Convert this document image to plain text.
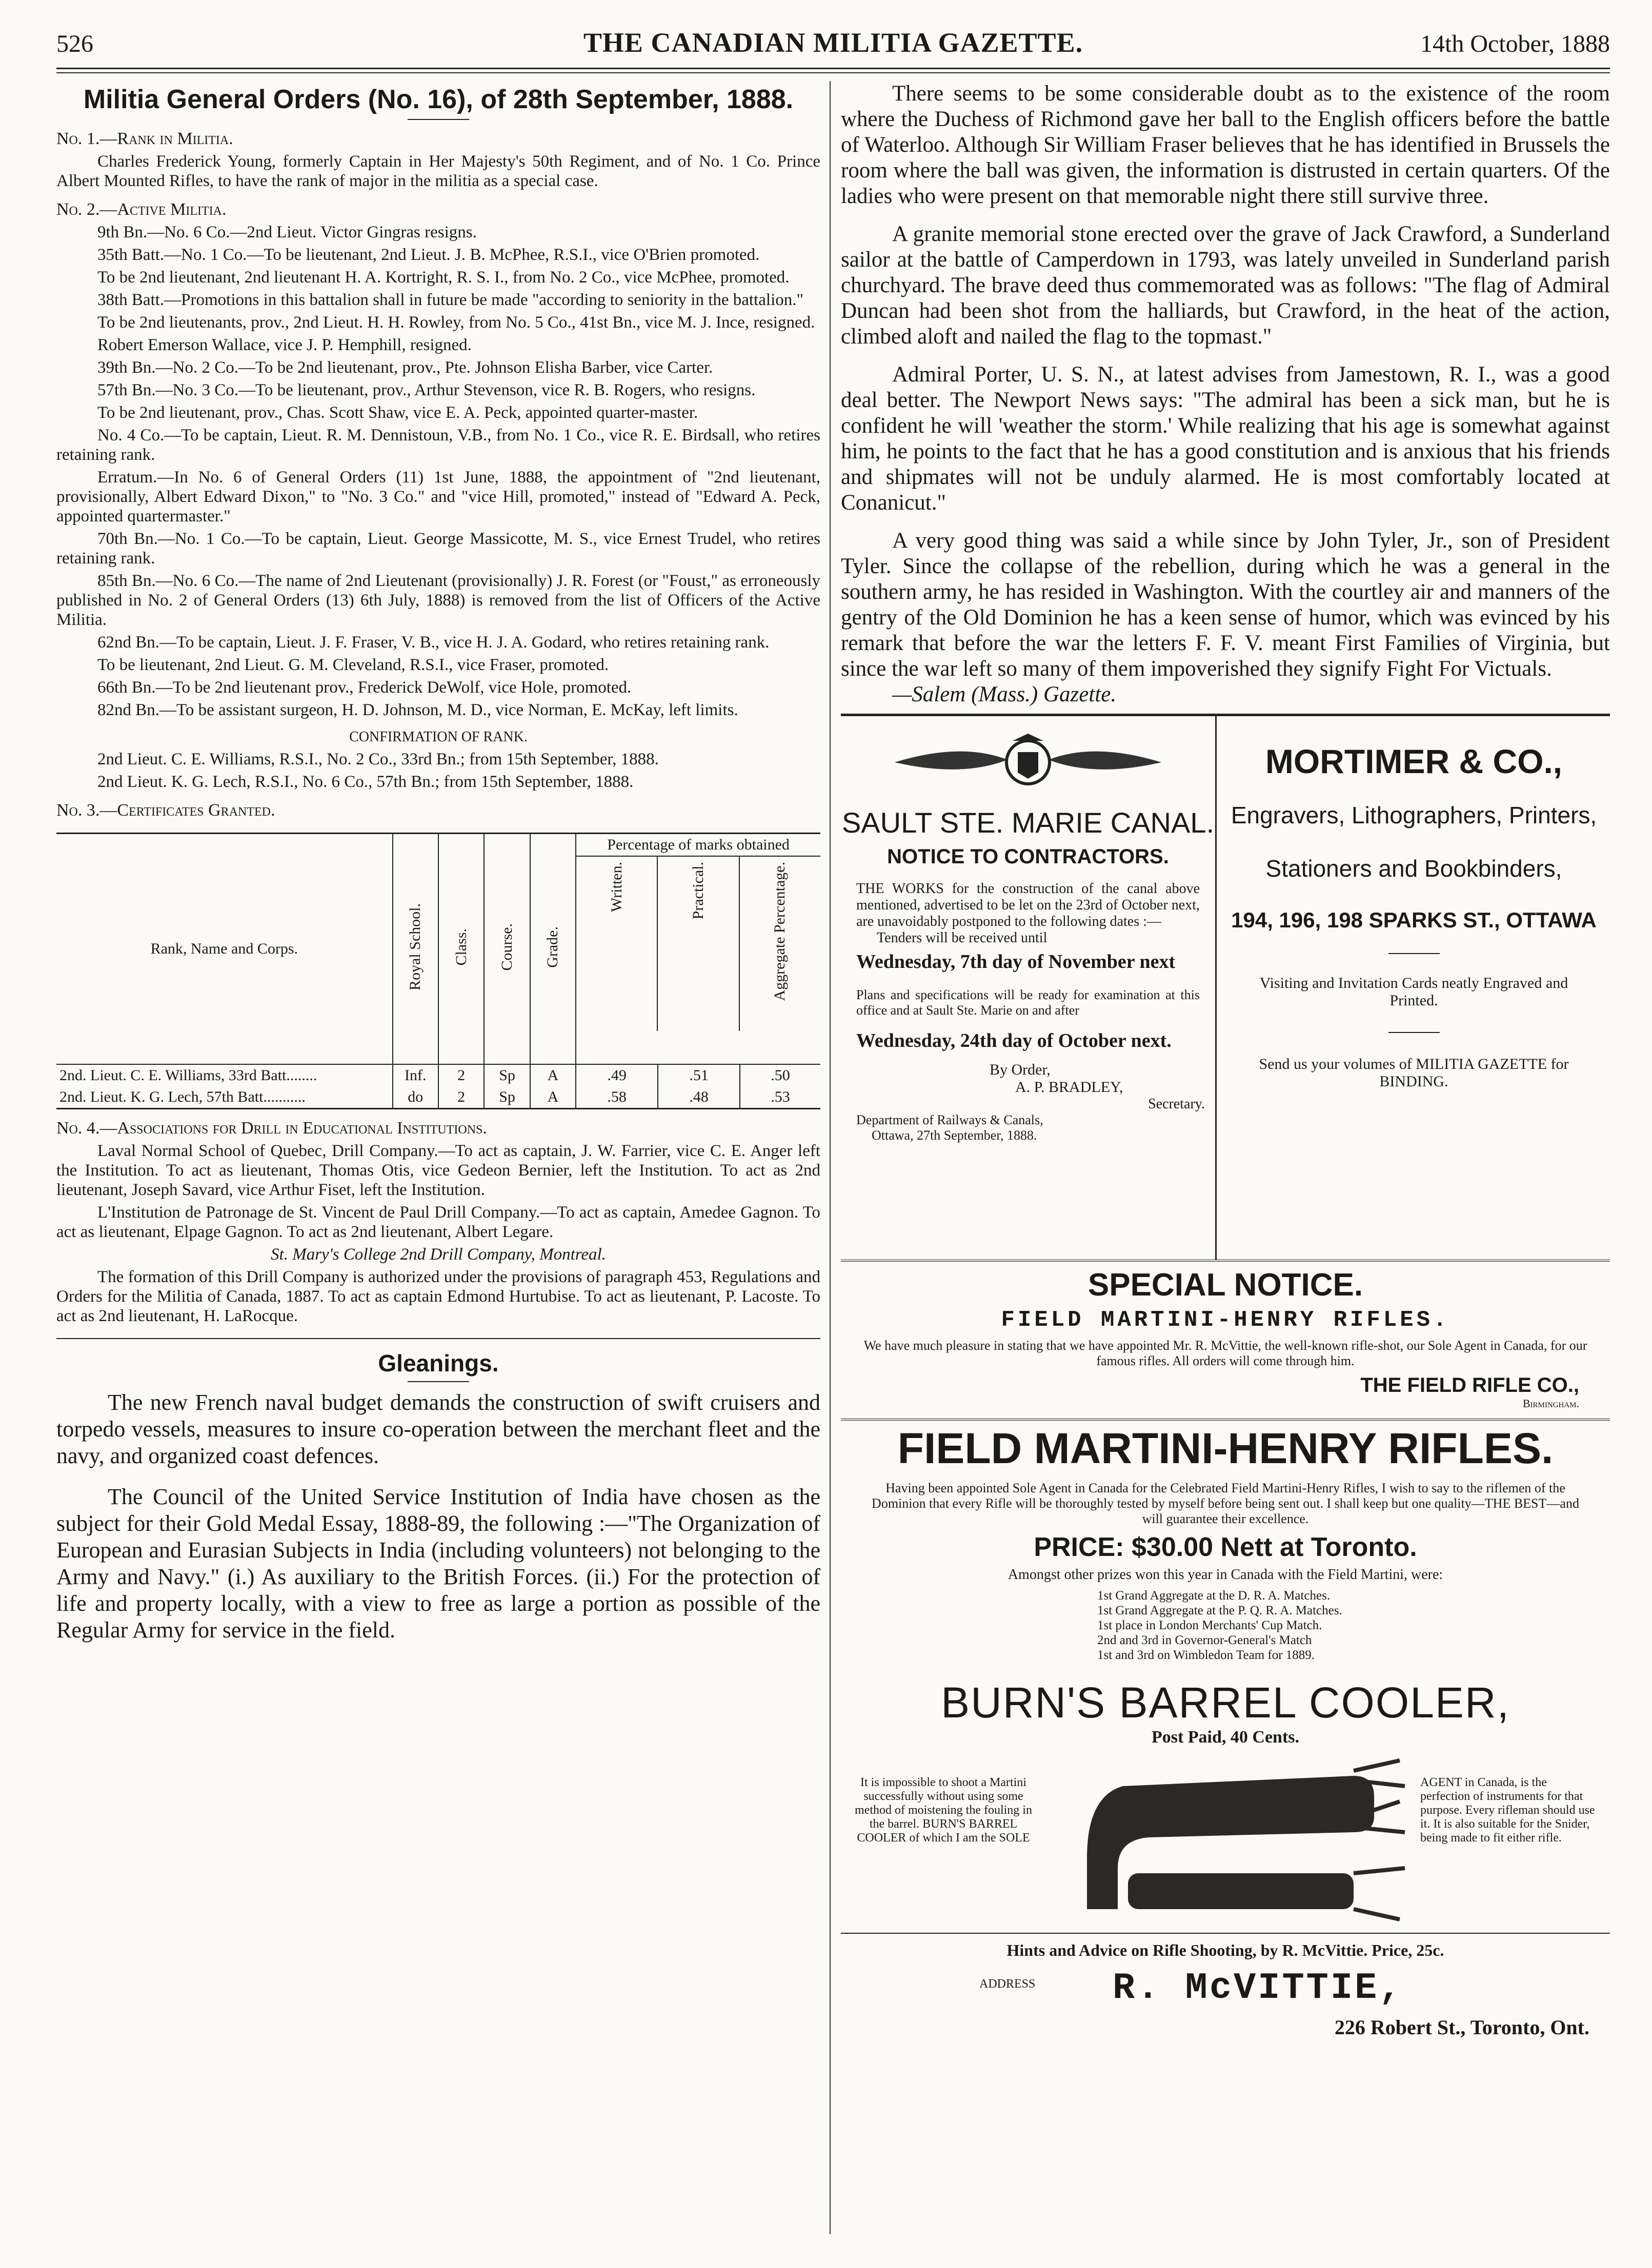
526	THE CANADIAN MILITIA GAZETTE.	14th October, 1888
Militia General Orders (No. 16), of 28th September, 1888.
No. 1.—Rank in Militia.

Charles Frederick Young, formerly Captain in Her Majesty's 50th Regiment, and of No. 1 Co. Prince Albert Mounted Rifles, to have the rank of major in the militia as a special case.

No. 2.—Active Militia.

9th Bn.—No. 6 Co.—2nd Lieut. Victor Gingras resigns.

35th Batt.—No. 1 Co.—To be lieutenant, 2nd Lieut. J. B. McPhee, R.S.I., vice O'Brien promoted.

To be 2nd lieutenant, 2nd lieutenant H. A. Kortright, R. S. I., from No. 2 Co., vice McPhee, promoted.

38th Batt.—Promotions in this battalion shall in future be made "according to seniority in the battalion."

To be 2nd lieutenants, prov., 2nd Lieut. H. H. Rowley, from No. 5 Co., 41st Bn., vice M. J. Ince, resigned.

Robert Emerson Wallace, vice J. P. Hemphill, resigned.

39th Bn.—No. 2 Co.—To be 2nd lieutenant, prov., Pte. Johnson Elisha Barber, vice Carter.

57th Bn.—No. 3 Co.—To be lieutenant, prov., Arthur Stevenson, vice R. B. Rogers, who resigns.

To be 2nd lieutenant, prov., Chas. Scott Shaw, vice E. A. Peck, appointed quarter-master.

No. 4 Co.—To be captain, Lieut. R. M. Dennistoun, V.B., from No. 1 Co., vice R. E. Birdsall, who retires retaining rank.

Erratum.—In No. 6 of General Orders (11) 1st June, 1888, the appointment of "2nd lieutenant, provisionally, Albert Edward Dixon," to "No. 3 Co." and "vice Hill, promoted," instead of "Edward A. Peck, appointed quartermaster."

70th Bn.—No. 1 Co.—To be captain, Lieut. George Massicotte, M. S., vice Ernest Trudel, who retires retaining rank.

85th Bn.—No. 6 Co.—The name of 2nd Lieutenant (provisionally) J. R. Forest (or "Foust," as erroneously published in No. 2 of General Orders (13) 6th July, 1888) is removed from the list of Officers of the Active Militia.

62nd Bn.—To be captain, Lieut. J. F. Fraser, V. B., vice H. J. A. Godard, who retires retaining rank.

To be lieutenant, 2nd Lieut. G. M. Cleveland, R.S.I., vice Fraser, promoted.

66th Bn.—To be 2nd lieutenant prov., Frederick DeWolf, vice Hole, promoted.

82nd Bn.—To be assistant surgeon, H. D. Johnson, M. D., vice Norman, E. McKay, left limits.

CONFIRMATION OF RANK.

2nd Lieut. C. E. Williams, R.S.I., No. 2 Co., 33rd Bn.; from 15th September, 1888.

2nd Lieut. K. G. Lech, R.S.I., No. 6 Co., 57th Bn.; from 15th September, 1888.

No. 3.—Certificates Granted.
Rank, Name and Corps.	Royal School.	Class.	Course.	Grade.	Percentage of marks obtained
Written. Practical. Aggregate Percentage.		

2nd. Lieut. C. E. Williams, 33rd Batt........	Inf.	2	Sp	A	.49	.51	.50
2nd. Lieut. K. G. Lech, 57th Batt...........	do	2	Sp	A	.58	.48	.53
No. 4.—Associations for Drill in Educational Institutions.

Laval Normal School of Quebec, Drill Company.—To act as captain, J. W. Farrier, vice C. E. Anger left the Institution. To act as lieutenant, Thomas Otis, vice Gedeon Bernier, left the Institution. To act as 2nd lieutenant, Joseph Savard, vice Arthur Fiset, left the Institution.

L'Institution de Patronage de St. Vincent de Paul Drill Company.—To act as captain, Amedee Gagnon. To act as lieutenant, Elpage Gagnon. To act as 2nd lieutenant, Albert Legare.

St. Mary's College 2nd Drill Company, Montreal.

The formation of this Drill Company is authorized under the provisions of paragraph 453, Regulations and Orders for the Militia of Canada, 1887. To act as captain Edmond Hurtubise. To act as lieutenant, P. Lacoste. To act as 2nd lieutenant, H. LaRocque.

Gleanings.

The new French naval budget demands the construction of swift cruisers and torpedo vessels, measures to insure co-operation between the merchant fleet and the navy, and organized coast defences.

The Council of the United Service Institution of India have chosen as the subject for their Gold Medal Essay, 1888-89, the following :—"The Organization of European and Eurasian Subjects in India (including volunteers) not belonging to the Army and Navy." (i.) As auxiliary to the British Forces. (ii.) For the protection of life and property locally, with a view to free as large a portion as possible of the Regular Army for service in the field.

There seems to be some considerable doubt as to the existence of the room where the Duchess of Richmond gave her ball to the English officers before the battle of Waterloo. Although Sir William Fraser believes that he has identified in Brussels the room where the ball was given, the information is distrusted in certain quarters. Of the ladies who were present on that memorable night there still survive three.

A granite memorial stone erected over the grave of Jack Crawford, a Sunderland sailor at the battle of Camperdown in 1793, was lately unveiled in Sunderland parish churchyard. The brave deed thus commemorated was as follows: "The flag of Admiral Duncan had been shot from the halliards, but Crawford, in the heat of the action, climbed aloft and nailed the flag to the topmast."

Admiral Porter, U. S. N., at latest advises from Jamestown, R. I., was a good deal better. The Newport News says: "The admiral has been a sick man, but he is confident he will 'weather the storm.' While realizing that his age is somewhat against him, he points to the fact that he has a good constitution and is anxious that his friends and shipmates will not be unduly alarmed. He is most comfortably located at Conanicut."

A very good thing was said a while since by John Tyler, Jr., son of President Tyler. Since the collapse of the rebellion, during which he was a general in the southern army, he has resided in Washington. With the courtley air and manners of the gentry of the Old Dominion he has a keen sense of humor, which was evinced by his remark that before the war the letters F. F. V. meant First Families of Virginia, but since the war left so many of them impoverished they signify Fight For Victuals.

—Salem (Mass.) Gazette.

SAULT STE. MARIE CANAL.
NOTICE TO CONTRACTORS.
THE WORKS for the construction of the canal above mentioned, advertised to be let on the 23rd of October next, are unavoidably postponed to the following dates :—
Tenders will be received until
Wednesday, 7th day of November next
Plans and specifications will be ready for examination at this office and at Sault Ste. Marie on and after
Wednesday, 24th day of October next.
By Order,
A. P. BRADLEY,
Secretary.
Department of Railways & Canals,
Ottawa, 27th September, 1888.
MORTIMER & CO.,
Engravers, Lithographers, Printers,
Stationers and Bookbinders,
194, 196, 198 SPARKS ST., OTTAWA
Visiting and Invitation Cards neatly Engraved and Printed.
Send us your volumes of MILITIA GAZETTE for BINDING.
SPECIAL NOTICE.
FIELD MARTINI-HENRY RIFLES.
We have much pleasure in stating that we have appointed Mr. R. McVittie, the well-known rifle-shot, our Sole Agent in Canada, for our famous rifles. All orders will come through him.
THE FIELD RIFLE CO.,
Birmingham.
FIELD MARTINI-HENRY RIFLES.
Having been appointed Sole Agent in Canada for the Celebrated Field Martini-Henry Rifles, I wish to say to the riflemen of the Dominion that every Rifle will be thoroughly tested by myself before being sent out. I shall keep but one quality—THE BEST—and will guarantee their excellence.
PRICE: $30.00 Nett at Toronto.
Amongst other prizes won this year in Canada with the Field Martini, were:
1st Grand Aggregate at the D. R. A. Matches.
1st Grand Aggregate at the P. Q. R. A. Matches.
1st place in London Merchants' Cup Match.
2nd and 3rd in Governor-General's Match
1st and 3rd on Wimbledon Team for 1889.
BURN'S BARREL COOLER,
Post Paid, 40 Cents.
It is impossible to shoot a Martini successfully without using some method of moistening the fouling in the barrel. BURN'S BARREL COOLER of which I am the SOLE
AGENT in Canada, is the perfection of instruments for that purpose. Every rifleman should use it. It is also suitable for the Snider, being made to fit either rifle.
Hints and Advice on Rifle Shooting, by R. McVittie. Price, 25c.
ADDRESS R. McVITTIE,
226 Robert St., Toronto, Ont.
